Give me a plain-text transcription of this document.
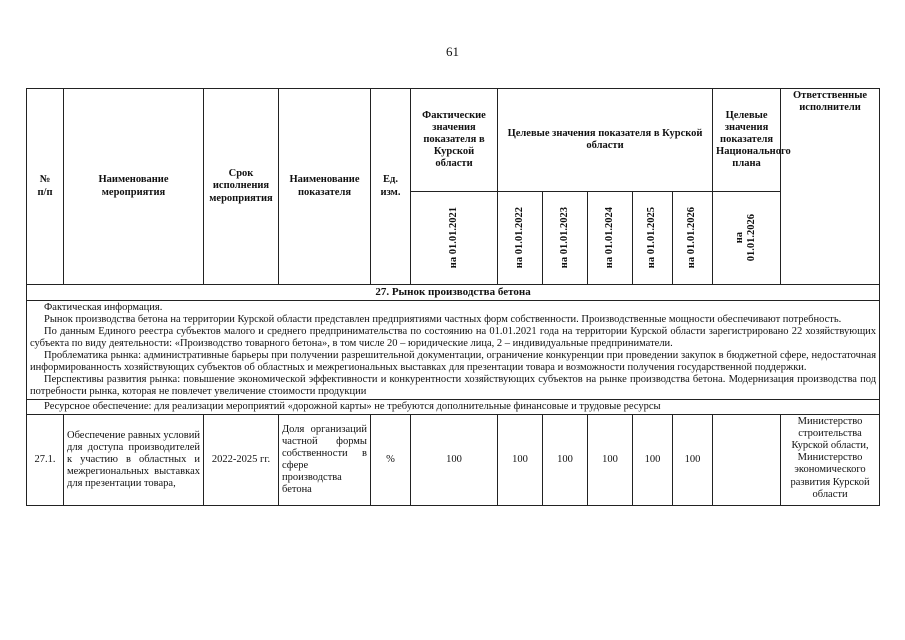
61
№
п/п	Наименование мероприятия	Срок исполнения мероприятия	Наименование показателя	Ед. изм.	Фактические значения показателя в Курской области	Целевые значения показателя в Курской области					Целевые значения показателя Национального плана	Ответственные исполнители

					на 01.01.2021	на 01.01.2022	на 01.01.2023	на 01.01.2024	на 01.01.2025	на 01.01.2026	на
01.01.2026	

27. Рынок производства бетона												

Фактическая информация.

Рынок производства бетона на территории Курской области представлен предприятиями частных форм собственности. Производственные мощности обеспечивают потребность.

По данным Единого реестра субъектов малого и среднего предпринимательства по состоянию на 01.01.2021 года на территории Курской области зарегистрировано 22 хозяйствующих субъекта по виду деятельности: «Производство товарного бетона», в том числе 20 – юридические лица, 2 – индивидуальные предприниматели.

Проблематика рынка: административные барьеры при получении разрешительной документации, ограничение конкуренции при проведении закупок в бюджетной сфере, недостаточная информированность хозяйствующих субъектов об областных и межрегиональных выставках для презентации товара и возможности получения государственной поддержки.

Перспективы развития рынка: повышение экономической эффективности и конкурентности хозяйствующих субъектов на рынке производства бетона. Модернизация производства под потребности рынка, которая не повлечет увеличение стоимости продукции												

Ресурсное обеспечение: для реализации мероприятий «дорожной карты» не требуются дополнительные финансовые и трудовые ресурсы												
27.1.	Обеспечение равных условий для доступа производителей к участию в областных и межрегиональных выставках для презентации товара,	2022-2025 гг.	Доля организаций частной формы собственности в сфере производства бетона	%	100	100	100	100	100	100		Министерство строительства Курской области, Министерство экономического развития Курской области
